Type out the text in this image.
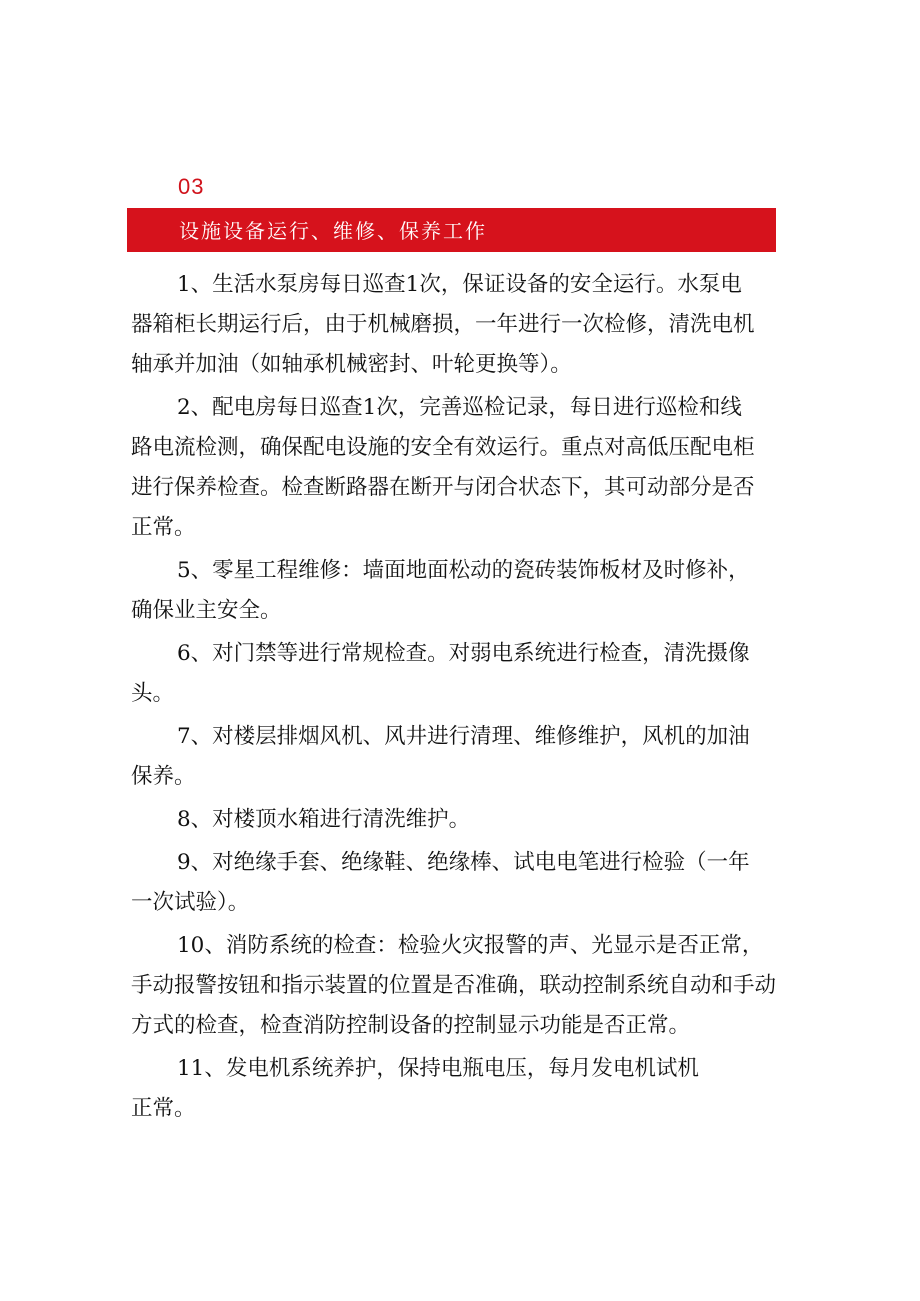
03
设施设备运行、维修、保养工作

1、生活水泵房每日巡查1次，保证设备的安全运行。水泵电
器箱柜长期运行后，由于机械磨损，一年进行一次检修，清洗电机
轴承并加油（如轴承机械密封、叶轮更换等）。

2、配电房每日巡查1次，完善巡检记录，每日进行巡检和线
路电流检测，确保配电设施的安全有效运行。重点对高低压配电柜
进行保养检查。检查断路器在断开与闭合状态下，其可动部分是否
正常。

5、零星工程维修：墙面地面松动的瓷砖装饰板材及时修补，
确保业主安全。

6、对门禁等进行常规检查。对弱电系统进行检查，清洗摄像
头。

7、对楼层排烟风机、风井进行清理、维修维护，风机的加油
保养。

8、对楼顶水箱进行清洗维护。

9、对绝缘手套、绝缘鞋、绝缘棒、试电电笔进行检验（一年
一次试验）。

10、消防系统的检查：检验火灾报警的声、光显示是否正常，
手动报警按钮和指示装置的位置是否准确，联动控制系统自动和手动
方式的检查，检查消防控制设备的控制显示功能是否正常。

11、发电机系统养护，保持电瓶电压，每月发电机试机
正常。
